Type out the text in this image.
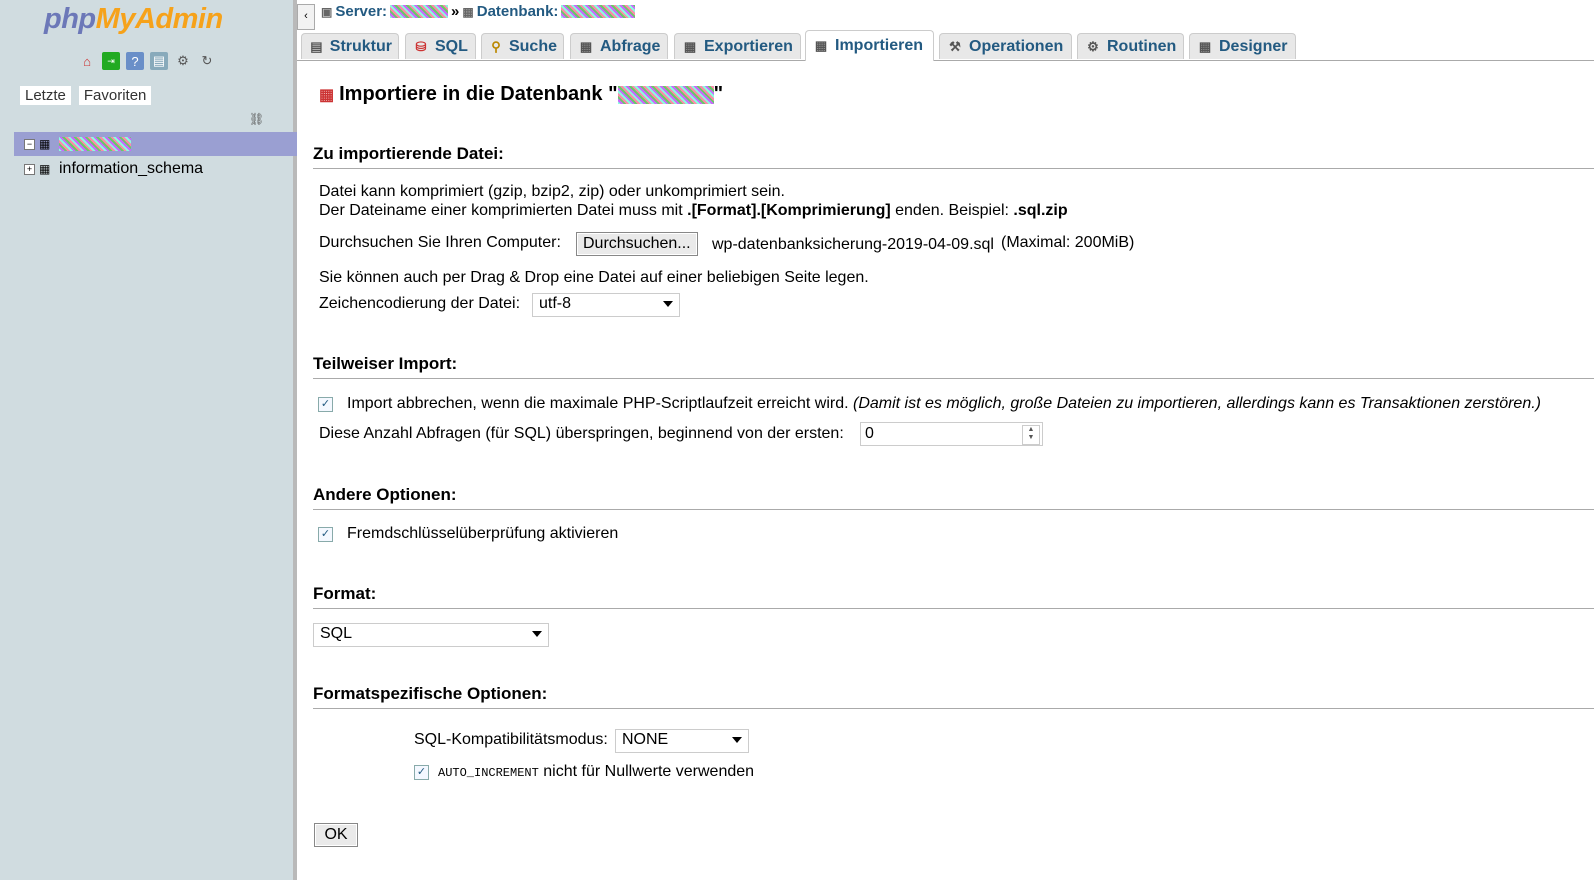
phpMyAdmin
⌂	⇥	?	▤ ⚙ ↻
Letzte	Favoriten
⛓
− ▦
+ ▦ information_schema
‹	▣ Server:	» ▦ Datenbank:
▤ Struktur ⛁ SQL ⚲ Suche ▦ Abfrage ▦ Exportieren ▦ Importieren ⚒ Operationen ⚙ Routinen ▦ Designer
▦ Importiere in die Datenbank "	"
Zu importierende Datei:
Datei kann komprimiert (gzip, bzip2, zip) oder unkomprimiert sein.
Der Dateiname einer komprimierten Datei muss mit .[Format].[Komprimierung] enden. Beispiel: .sql.zip
Durchsuchen Sie Ihren Computer:	Durchsuchen...	wp-datenbanksicherung-2019-04-09.sql (Maximal: 200MiB)
Sie können auch per Drag & Drop eine Datei auf einer beliebigen Seite legen.
Zeichencodierung der Datei:	utf-8
Teilweiser Import:
✓ Import abbrechen, wenn die maximale PHP-Scriptlaufzeit erreicht wird. (Damit ist es möglich, große Dateien zu importieren, allerdings kann es Transaktionen zerstören.)
Diese Anzahl Abfragen (für SQL) überspringen, beginnend von der ersten:	0	▲
▼
Andere Optionen:
✓ Fremdschlüsselüberprüfung aktivieren
Format:
SQL
Formatspezifische Optionen:
SQL-Kompatibilitätsmodus: NONE
✓ AUTO_INCREMENT nicht für Nullwerte verwenden
OK
